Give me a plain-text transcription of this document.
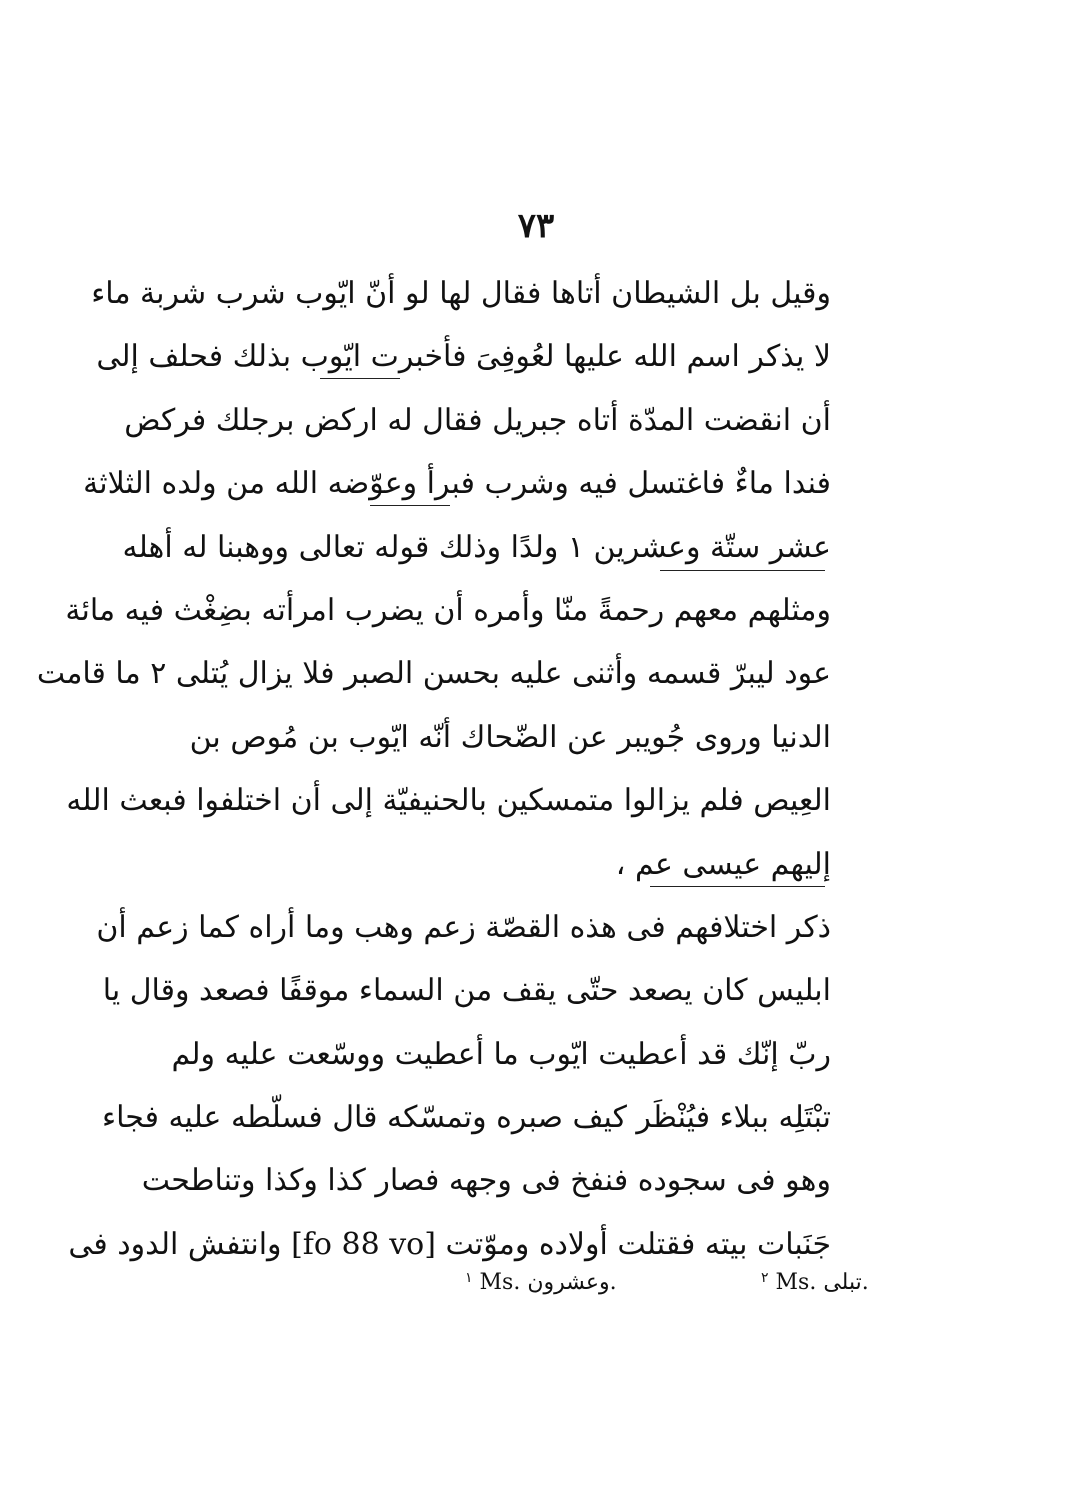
٧٣
وقيل بل الشيطان أتاها فقال لها لو أنّ ايّوب شرب شربة ماء
لا يذكر اسم الله عليها لعُوفِىَ فأخبرت ايّوب بذلك فحلف إلى
أن انقضت المدّة أتاه جبريل فقال له اركض برجلك فركض
فندا ماءٌ فاغتسل فيه وشرب فبرأ وعوّضه الله من ولده الثلاثة
عشر ستّة وعشرين ١ ولدًا وذلك قوله تعالى ووهبنا له أهله
ومثلهم معهم رحمةً منّا وأمره أن يضرب امرأته بضِغْث فيه مائة
عود ليبرّ قسمه وأثنى عليه بحسن الصبر فلا يزال يُتلى ٢ ما قامت
الدنيا وروى جُويبر عن الضّحاك أنّه ايّوب بن مُوص بن
العِيص فلم يزالوا متمسكين بالحنيفيّة إلى أن اختلفوا فبعث الله
إليهم عيسى عم ،
ذكر اختلافهم فى هذه القصّة زعم وهب وما أراه كما زعم أن
ابليس كان يصعد حتّى يقف من السماء موقفًا فصعد وقال يا
ربّ إنّك قد أعطيت ايّوب ما أعطيت ووسّعت عليه ولم
تبْتَلِه ببلاء فيُنْظَر كيف صبره وتمسّكه قال فسلّطه عليه فجاء
وهو فى سجوده فنفخ فى وجهه فصار كذا وكذا وتناطحت
جَنَبات بيته فقتلت أولاده وموّتت [fo 88 vo] وانتفش الدود فى
$^١$ Ms. وعشرون.	$^٢$ Ms. تبلى.
